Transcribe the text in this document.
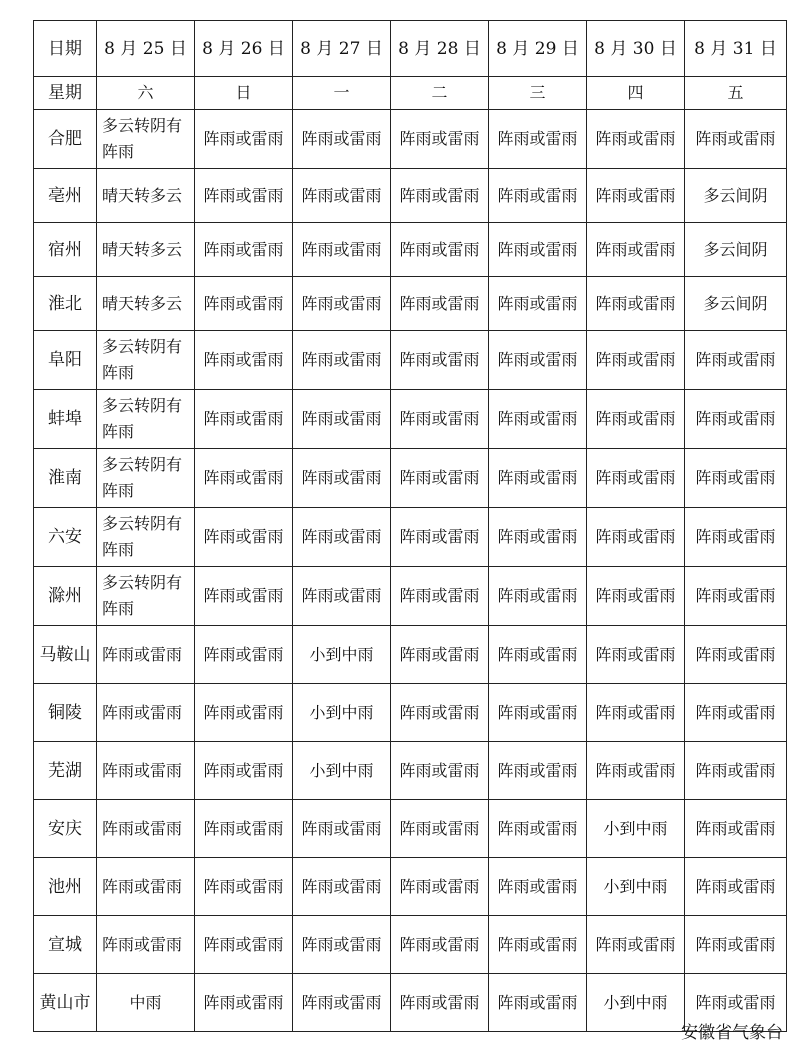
日期	8 月 25 日	8 月 26 日	8 月 27 日	8 月 28 日	8 月 29 日	8 月 30 日	8 月 31 日
星期	六	日	一	二	三	四	五
合肥	多云转阴有阵雨	阵雨或雷雨	阵雨或雷雨	阵雨或雷雨	阵雨或雷雨	阵雨或雷雨	阵雨或雷雨
亳州	晴天转多云	阵雨或雷雨	阵雨或雷雨	阵雨或雷雨	阵雨或雷雨	阵雨或雷雨	多云间阴
宿州	晴天转多云	阵雨或雷雨	阵雨或雷雨	阵雨或雷雨	阵雨或雷雨	阵雨或雷雨	多云间阴
淮北	晴天转多云	阵雨或雷雨	阵雨或雷雨	阵雨或雷雨	阵雨或雷雨	阵雨或雷雨	多云间阴
阜阳	多云转阴有阵雨	阵雨或雷雨	阵雨或雷雨	阵雨或雷雨	阵雨或雷雨	阵雨或雷雨	阵雨或雷雨
蚌埠	多云转阴有阵雨	阵雨或雷雨	阵雨或雷雨	阵雨或雷雨	阵雨或雷雨	阵雨或雷雨	阵雨或雷雨
淮南	多云转阴有阵雨	阵雨或雷雨	阵雨或雷雨	阵雨或雷雨	阵雨或雷雨	阵雨或雷雨	阵雨或雷雨
六安	多云转阴有阵雨	阵雨或雷雨	阵雨或雷雨	阵雨或雷雨	阵雨或雷雨	阵雨或雷雨	阵雨或雷雨
滁州	多云转阴有阵雨	阵雨或雷雨	阵雨或雷雨	阵雨或雷雨	阵雨或雷雨	阵雨或雷雨	阵雨或雷雨
马鞍山	阵雨或雷雨	阵雨或雷雨	小到中雨	阵雨或雷雨	阵雨或雷雨	阵雨或雷雨	阵雨或雷雨
铜陵	阵雨或雷雨	阵雨或雷雨	小到中雨	阵雨或雷雨	阵雨或雷雨	阵雨或雷雨	阵雨或雷雨
芜湖	阵雨或雷雨	阵雨或雷雨	小到中雨	阵雨或雷雨	阵雨或雷雨	阵雨或雷雨	阵雨或雷雨
安庆	阵雨或雷雨	阵雨或雷雨	阵雨或雷雨	阵雨或雷雨	阵雨或雷雨	小到中雨	阵雨或雷雨
池州	阵雨或雷雨	阵雨或雷雨	阵雨或雷雨	阵雨或雷雨	阵雨或雷雨	小到中雨	阵雨或雷雨
宣城	阵雨或雷雨	阵雨或雷雨	阵雨或雷雨	阵雨或雷雨	阵雨或雷雨	阵雨或雷雨	阵雨或雷雨
黄山市	中雨	阵雨或雷雨	阵雨或雷雨	阵雨或雷雨	阵雨或雷雨	小到中雨	阵雨或雷雨
安徽省气象台
